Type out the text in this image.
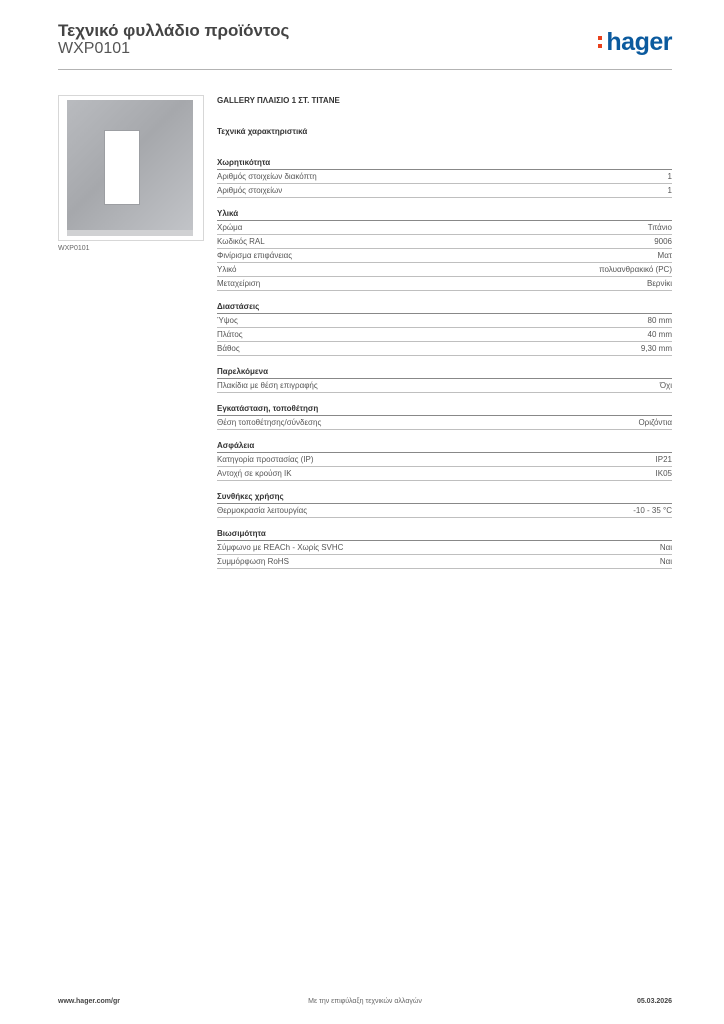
Τεχνικό φυλλάδιο προϊόντος
WXP0101	hager
WXP0101
GALLERY ΠΛΑΙΣΙΟ 1 ΣΤ. ΤΙΤΑΝΕ
Τεχνικά χαρακτηριστικά
Χωρητικότητα
Αριθμός στοιχείων διακόπτη	1
Αριθμός στοιχείων	1
Υλικά
Χρώμα	Τιτάνιο
Κωδικός RAL	9006
Φινίρισμα επιφάνειας	Ματ
Υλικό	πολυανθρακικό (PC)
Μεταχείριση	Βερνίκι
Διαστάσεις
Ύψος	80 mm
Πλάτος	40 mm
Βάθος	9,30 mm
Παρελκόμενα
Πλακίδια με θέση επιγραφής	Όχι
Εγκατάσταση, τοποθέτηση
Θέση τοποθέτησης/σύνδεσης	Οριζόντια
Ασφάλεια
Κατηγορία προστασίας (IP)	IP21
Αντοχή σε κρούση IK	IK05
Συνθήκες χρήσης
Θερμοκρασία λειτουργίας	-10 - 35 °C
Βιωσιμότητα
Σύμφωνο με REACh - Χωρίς SVHC	Ναι
Συμμόρφωση RoHS	Ναι
www.hager.com/gr	Με την επιφύλαξη τεχνικών αλλαγών	05.03.2026
